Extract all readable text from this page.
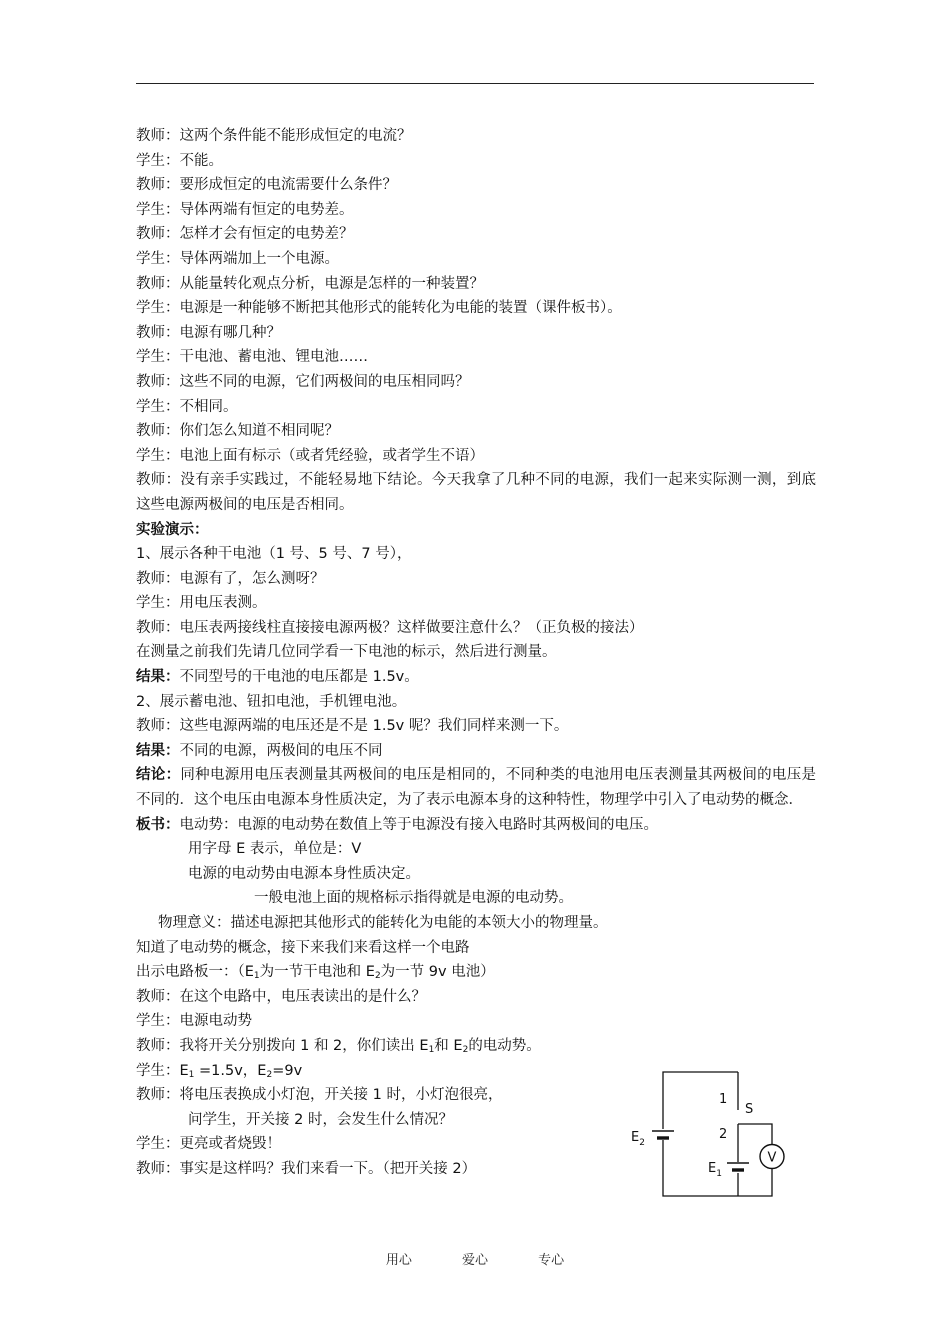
教师：这两个条件能不能形成恒定的电流？
学生：不能。
教师：要形成恒定的电流需要什么条件？
学生：导体两端有恒定的电势差。
教师：怎样才会有恒定的电势差？
学生：导体两端加上一个电源。
教师：从能量转化观点分析，电源是怎样的一种装置？
学生：电源是一种能够不断把其他形式的能转化为电能的装置（课件板书）。
教师：电源有哪几种？
学生：干电池、蓄电池、锂电池……
教师：这些不同的电源，它们两极间的电压相同吗？
学生：不相同。
教师：你们怎么知道不相同呢？
学生：电池上面有标示（或者凭经验，或者学生不语）
教师：没有亲手实践过，不能轻易地下结论。今天我拿了几种不同的电源，我们一起来实际测一测，到底这些电源两极间的电压是否相同。
实验演示：
1、展示各种干电池（1 号、5 号、7 号），
教师：电源有了，怎么测呀？
学生：用电压表测。
教师：电压表两接线柱直接接电源两极？这样做要注意什么？（正负极的接法）
在测量之前我们先请几位同学看一下电池的标示，然后进行测量。
结果：不同型号的干电池的电压都是 1.5v。
2、展示蓄电池、钮扣电池，手机锂电池。
教师：这些电源两端的电压还是不是 1.5v 呢？我们同样来测一下。
结果：不同的电源，两极间的电压不同
结论：同种电源用电压表测量其两极间的电压是相同的，不同种类的电池用电压表测量其两极间的电压是不同的．这个电压由电源本身性质决定，为了表示电源本身的这种特性，物理学中引入了电动势的概念．
板书：电动势：电源的电动势在数值上等于电源没有接入电路时其两极间的电压。
用字母 E 表示，单位是：V
电源的电动势由电源本身性质决定。
一般电池上面的规格标示指得就是电源的电动势。
物理意义：描述电源把其他形式的能转化为电能的本领大小的物理量。
知道了电动势的概念，接下来我们来看这样一个电路
出示电路板一：（$E_1$为一节干电池和 $E_2$为一节 9v 电池）
教师：在这个电路中，电压表读出的是什么？
学生：电源电动势
教师：我将开关分别拨向 1 和 2，你们读出 $E_1$和 $E_2$的电动势。
学生：$E_1 =1.5v$，$E_2=9v$
教师：将电压表换成小灯泡，开关接 1 时，小灯泡很亮，
问学生，开关接 2 时，会发生什么情况？
学生：更亮或者烧毁！
教师：事实是这样吗？我们来看一下。（把开关接 2）
V
1
S
2
$E_2$
$E_1$
用心	爱心	专心
